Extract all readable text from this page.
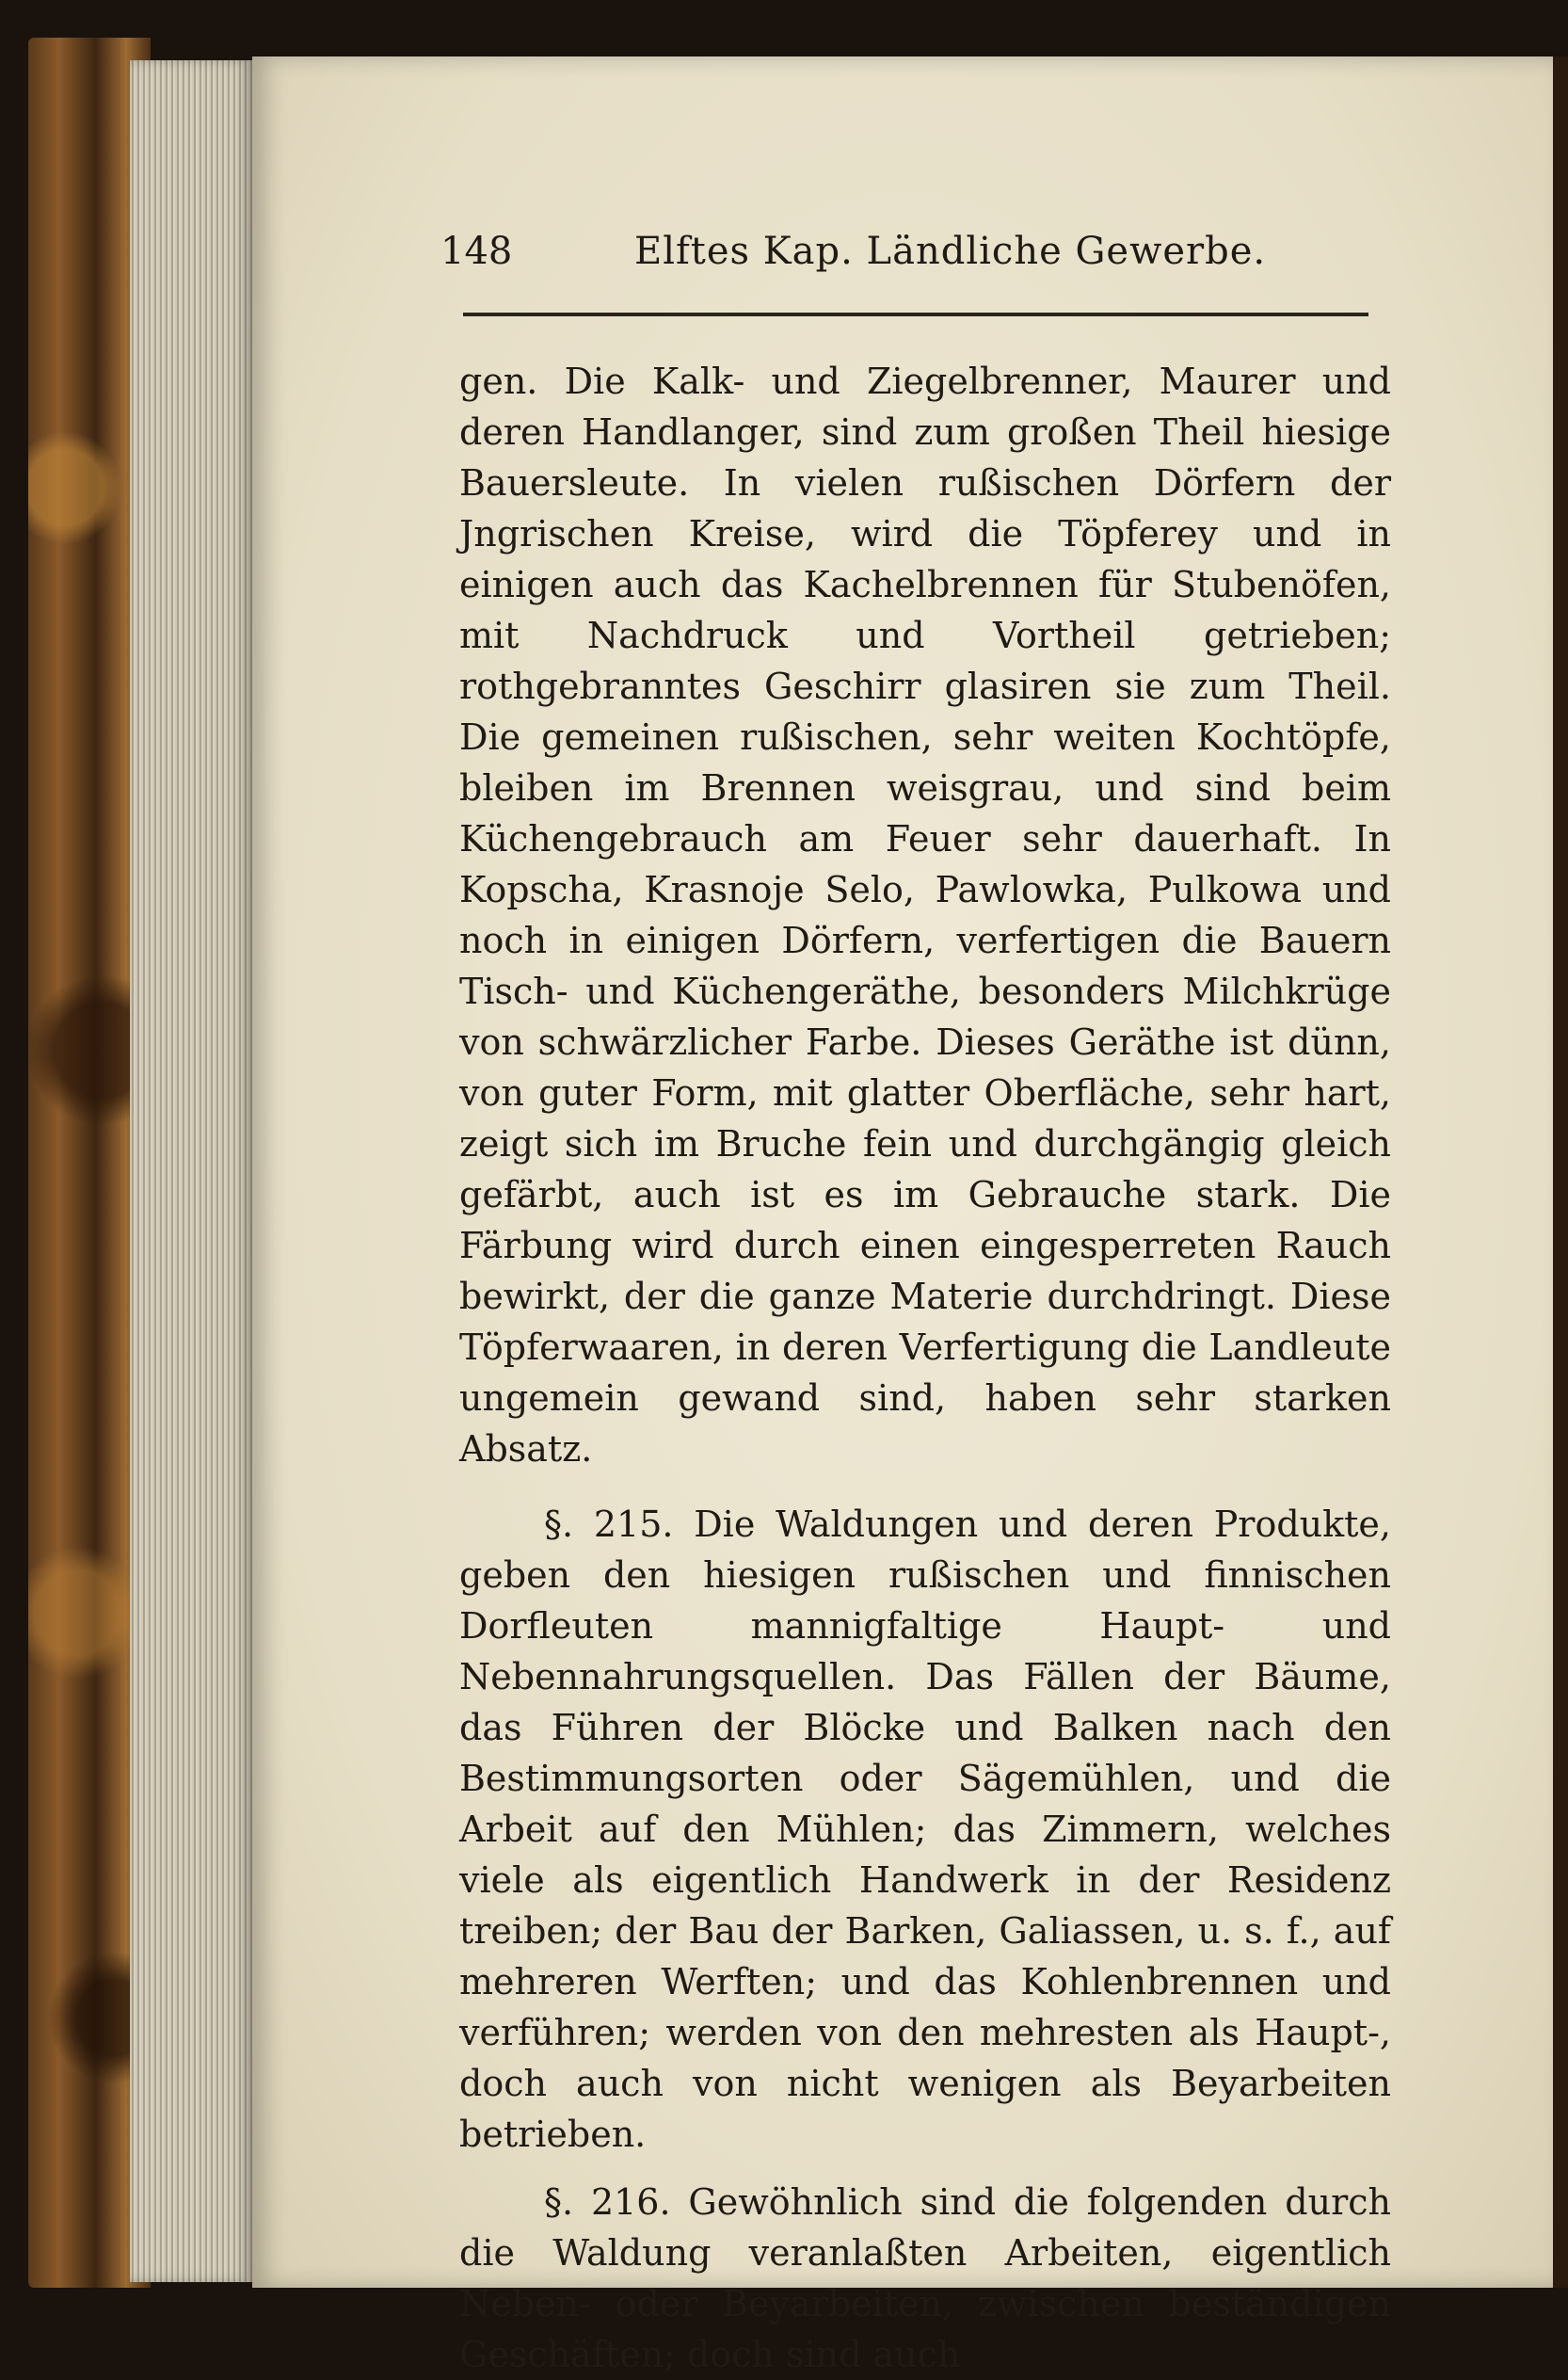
148	Elftes Kap. Ländliche Gewerbe.

gen. Die Kalk- und Ziegelbrenner, Maurer und deren Handlanger, sind zum großen Theil hiesige Bauersleute. In vielen rußischen Dörfern der Jngrischen Kreise, wird die Töpferey und in einigen auch das Kachelbrennen für Stubenöfen, mit Nachdruck und Vortheil getrieben; rothgebranntes Geschirr glasiren sie zum Theil. Die gemeinen rußischen, sehr weiten Kochtöpfe, bleiben im Brennen weisgrau, und sind beim Küchengebrauch am Feuer sehr dauerhaft. In Kopscha, Krasnoje Selo, Pawlowka, Pulkowa und noch in einigen Dörfern, verfertigen die Bauern Tisch- und Küchengeräthe, besonders Milchkrüge von schwärzlicher Farbe. Dieses Geräthe ist dünn, von guter Form, mit glatter Oberfläche, sehr hart, zeigt sich im Bruche fein und durchgängig gleich gefärbt, auch ist es im Gebrauche stark. Die Färbung wird durch einen eingesperreten Rauch bewirkt, der die ganze Materie durchdringt. Diese Töpferwaaren, in deren Verfertigung die Landleute ungemein gewand sind, haben sehr starken Absatz.

§. 215. Die Waldungen und deren Produkte, geben den hiesigen rußischen und finnischen Dorfleuten mannigfaltige Haupt- und Nebennahrungsquellen. Das Fällen der Bäume, das Führen der Blöcke und Balken nach den Bestimmungsorten oder Sägemühlen, und die Arbeit auf den Mühlen; das Zimmern, welches viele als eigentlich Handwerk in der Residenz treiben; der Bau der Barken, Galiassen, u. s. f., auf mehreren Werften; und das Kohlenbrennen und verführen; werden von den mehresten als Haupt-, doch auch von nicht wenigen als Beyarbeiten betrieben.

§. 216. Gewöhnlich sind die folgenden durch die Waldung veranlaßten Arbeiten, eigentlich Neben- oder Beyarbeiten, zwischen beständigen Geschäften; doch sind auch
